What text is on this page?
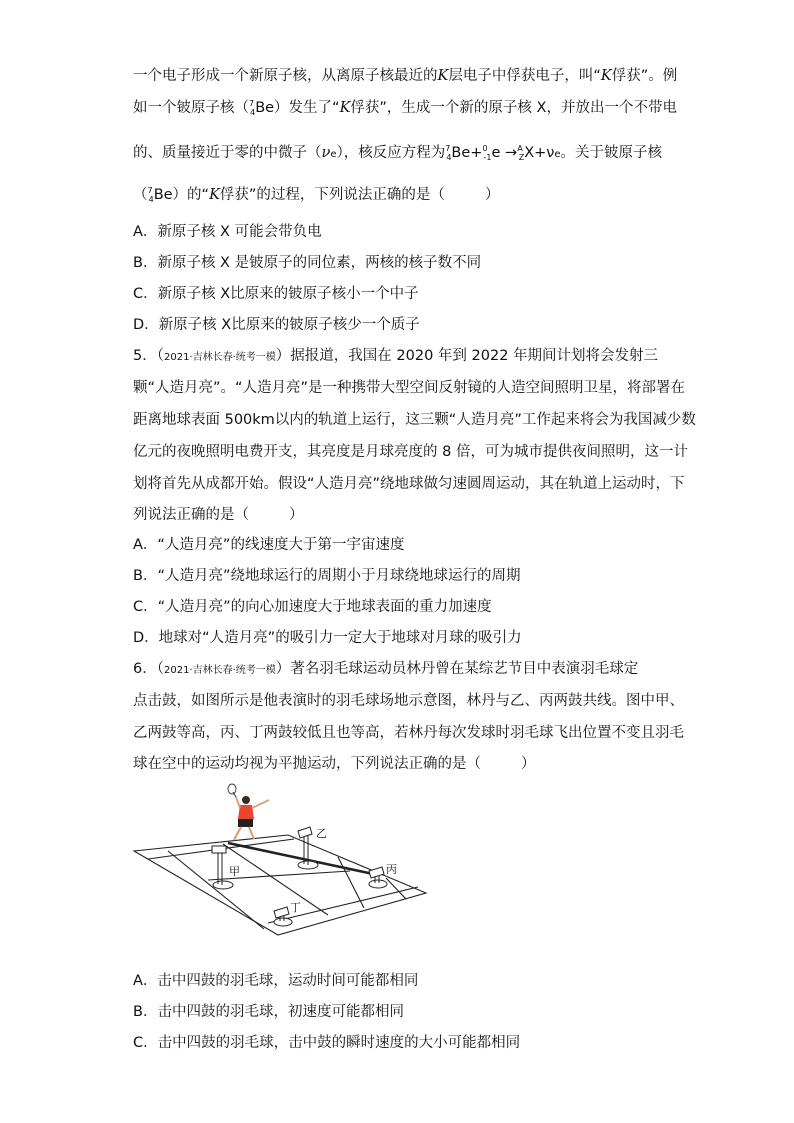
一个电子形成一个新原子核，从离原子核最近的K层电子中俘获电子，叫“K俘获”。例
如一个铍原子核（$^7_4$Be）发生了“K俘获”，生成一个新的原子核 X，并放出一个不带电
的、质量接近于零的中微子（νe），核反应方程为$^7_4$Be+$^0_{-1}$e →$^A_Z$X+νe。关于铍原子核
（$^7_4$Be）的“K俘获”的过程，下列说法正确的是（	）
A．新原子核 X 可能会带负电
B．新原子核 X 是铍原子的同位素，两核的核子数不同
C．新原子核 X比原来的铍原子核小一个中子
D．新原子核 X比原来的铍原子核少一个质子
5．（2021·吉林长春·统考一模）据报道，我国在 2020 年到 2022 年期间计划将会发射三
颗“人造月亮”。“人造月亮”是一种携带大型空间反射镜的人造空间照明卫星，将部署在
距离地球表面 500km以内的轨道上运行，这三颗“人造月亮”工作起来将会为我国减少数
亿元的夜晚照明电费开支，其亮度是月球亮度的 8 倍，可为城市提供夜间照明，这一计
划将首先从成都开始。假设“人造月亮”绕地球做匀速圆周运动，其在轨道上运动时，下
列说法正确的是（	）
A．“人造月亮”的线速度大于第一宇宙速度
B．“人造月亮”绕地球运行的周期小于月球绕地球运行的周期
C．“人造月亮”的向心加速度大于地球表面的重力加速度
D．地球对“人造月亮”的吸引力一定大于地球对月球的吸引力
6．（2021·吉林长春·统考一模）著名羽毛球运动员林丹曾在某综艺节目中表演羽毛球定
点击鼓，如图所示是他表演时的羽毛球场地示意图，林丹与乙、丙两鼓共线。图中甲、
乙两鼓等高，丙、丁两鼓较低且也等高，若林丹每次发球时羽毛球飞出位置不变且羽毛
球在空中的运动均视为平抛运动，下列说法正确的是（	）
甲
乙
丙
丁
A．击中四鼓的羽毛球，运动时间可能都相同
B．击中四鼓的羽毛球，初速度可能都相同
C．击中四鼓的羽毛球，击中鼓的瞬时速度的大小可能都相同
